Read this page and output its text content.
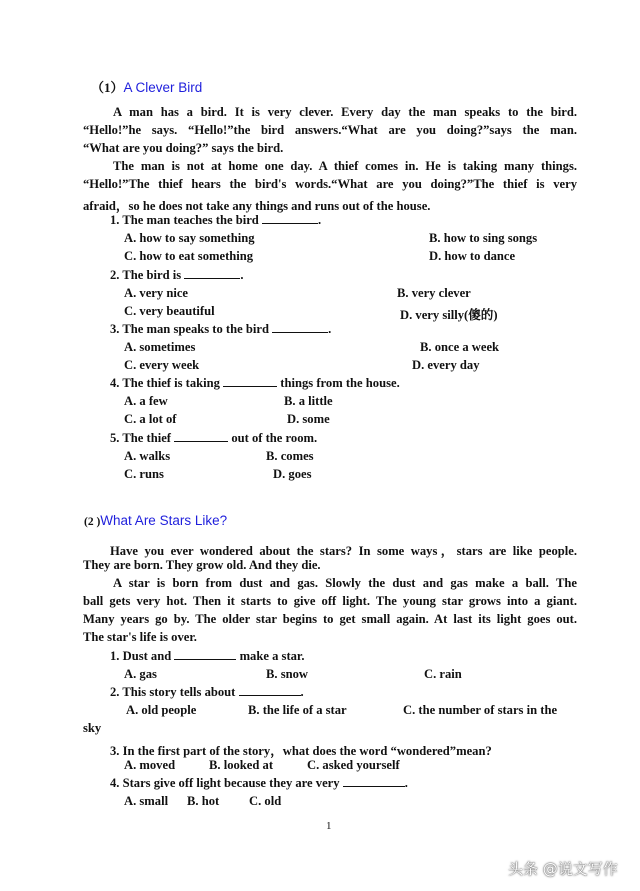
（1）A Clever Bird
A man has a bird. It is very clever. Every day the man speaks to the bird.
“Hello!”he says. “Hello!”the bird answers.“What are you doing?”says the man.
“What are you doing?” says the bird.
The man is not at home one day. A thief comes in. He is taking many things.
“Hello!”The thief hears the bird's words.“What are you doing?”The thief is very
afraid，so he does not take any things and runs out of the house.
1. The man teaches the bird	.
A. how to say something	B. how to sing songs
C. how to eat something	D. how to dance
2. The bird is	.
A. very nice	B. very clever
C. very beautiful	D. very silly(傻的)
3. The man speaks to the bird	.
A. sometimes	B. once a week
C. every week	D. every day
4. The thief is taking	things from the house.
A. a few	B. a little
C. a lot of	D. some
5. The thief	out of the room.
A. walks	B. comes
C. runs	D. goes
(2 )What Are Stars Like?
Have you ever wondered about the stars? In some ways，stars are like people.
They are born. They grow old. And they die.
A star is born from dust and gas. Slowly the dust and gas make a ball. The
ball gets very hot. Then it starts to give off light. The young star grows into a giant.
Many years go by. The older star begins to get small again. At last its light goes out.
The star's life is over.
1. Dust and	make a star.
A. gas	B. snow	C. rain
2. This story tells about	.
A. old people	B. the life of a star	C. the number of stars in the
sky
3. In the first part of the story，what does the word “wondered”mean?
A. moved	B. looked at	C. asked yourself
4. Stars give off light because they are very	.
A. small B. hot C. old
1
头条 @说文写作
